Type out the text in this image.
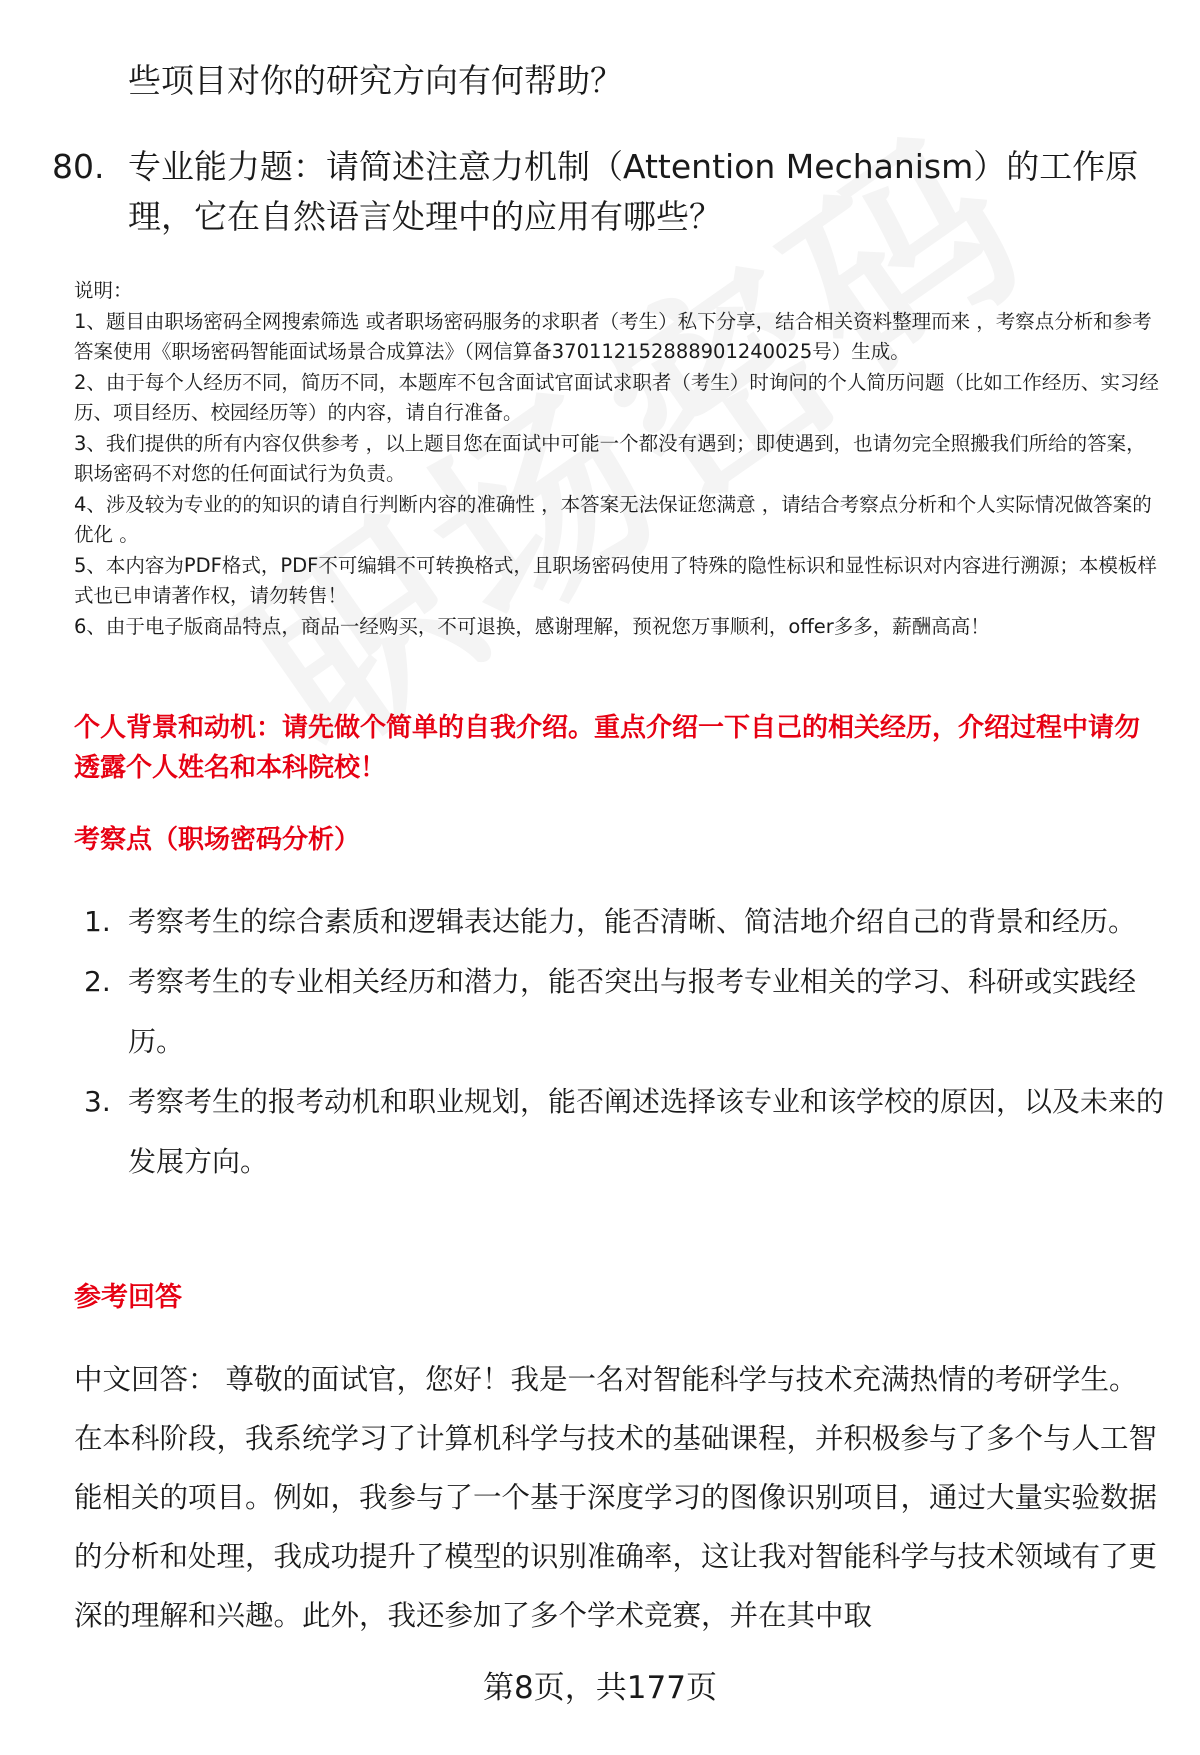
些项目对你的研究方向有何帮助？

80. 专业能力题：请简述注意力机制（Attention Mechanism）的工作原理，它在自然语言处理中的应用有哪些？

说明：

1、题目由职场密码全网搜索筛选 或者职场密码服务的求职者（考生）私下分享，结合相关资料整理而来 ，考察点分析和参考答案使用《职场密码智能面试场景合成算法》（网信算备370112152888901240025号）生成。

2、由于每个人经历不同，简历不同，本题库不包含面试官面试求职者（考生）时询问的个人简历问题（比如工作经历、实习经历、项目经历、校园经历等）的内容，请自行准备。

3、我们提供的所有内容仅供参考 ，以上题目您在面试中可能一个都没有遇到；即使遇到，也请勿完全照搬我们所给的答案，职场密码不对您的任何面试行为负责。

4、涉及较为专业的的知识的请自行判断内容的准确性 ，本答案无法保证您满意 ，请结合考察点分析和个人实际情况做答案的优化 。

5、本内容为PDF格式，PDF不可编辑不可转换格式，且职场密码使用了特殊的隐性标识和显性标识对内容进行溯源；本模板样式也已申请著作权，请勿转售！

6、由于电子版商品特点，商品一经购买，不可退换，感谢理解，预祝您万事顺利，offer多多，薪酬高高！

个人背景和动机：请先做个简单的自我介绍。重点介绍一下自己的相关经历，介绍过程中请勿透露个人姓名和本科院校！

考察点（职场密码分析）
1. 考察考生的综合素质和逻辑表达能力，能否清晰、简洁地介绍自己的背景和经历。
2. 考察考生的专业相关经历和潜力，能否突出与报考专业相关的学习、科研或实践经历。
3. 考察考生的报考动机和职业规划，能否阐述选择该专业和该学校的原因，以及未来的发展方向。
参考回答

中文回答： 尊敬的面试官，您好！我是一名对智能科学与技术充满热情的考研学生。在本科阶段，我系统学习了计算机科学与技术的基础课程，并积极参与了多个与人工智能相关的项目。例如，我参与了一个基于深度学习的图像识别项目，通过大量实验数据的分析和处理，我成功提升了模型的识别准确率，这让我对智能科学与技术领域有了更深的理解和兴趣。此外，我还参加了多个学术竞赛，并在其中取

第8页，共177页
